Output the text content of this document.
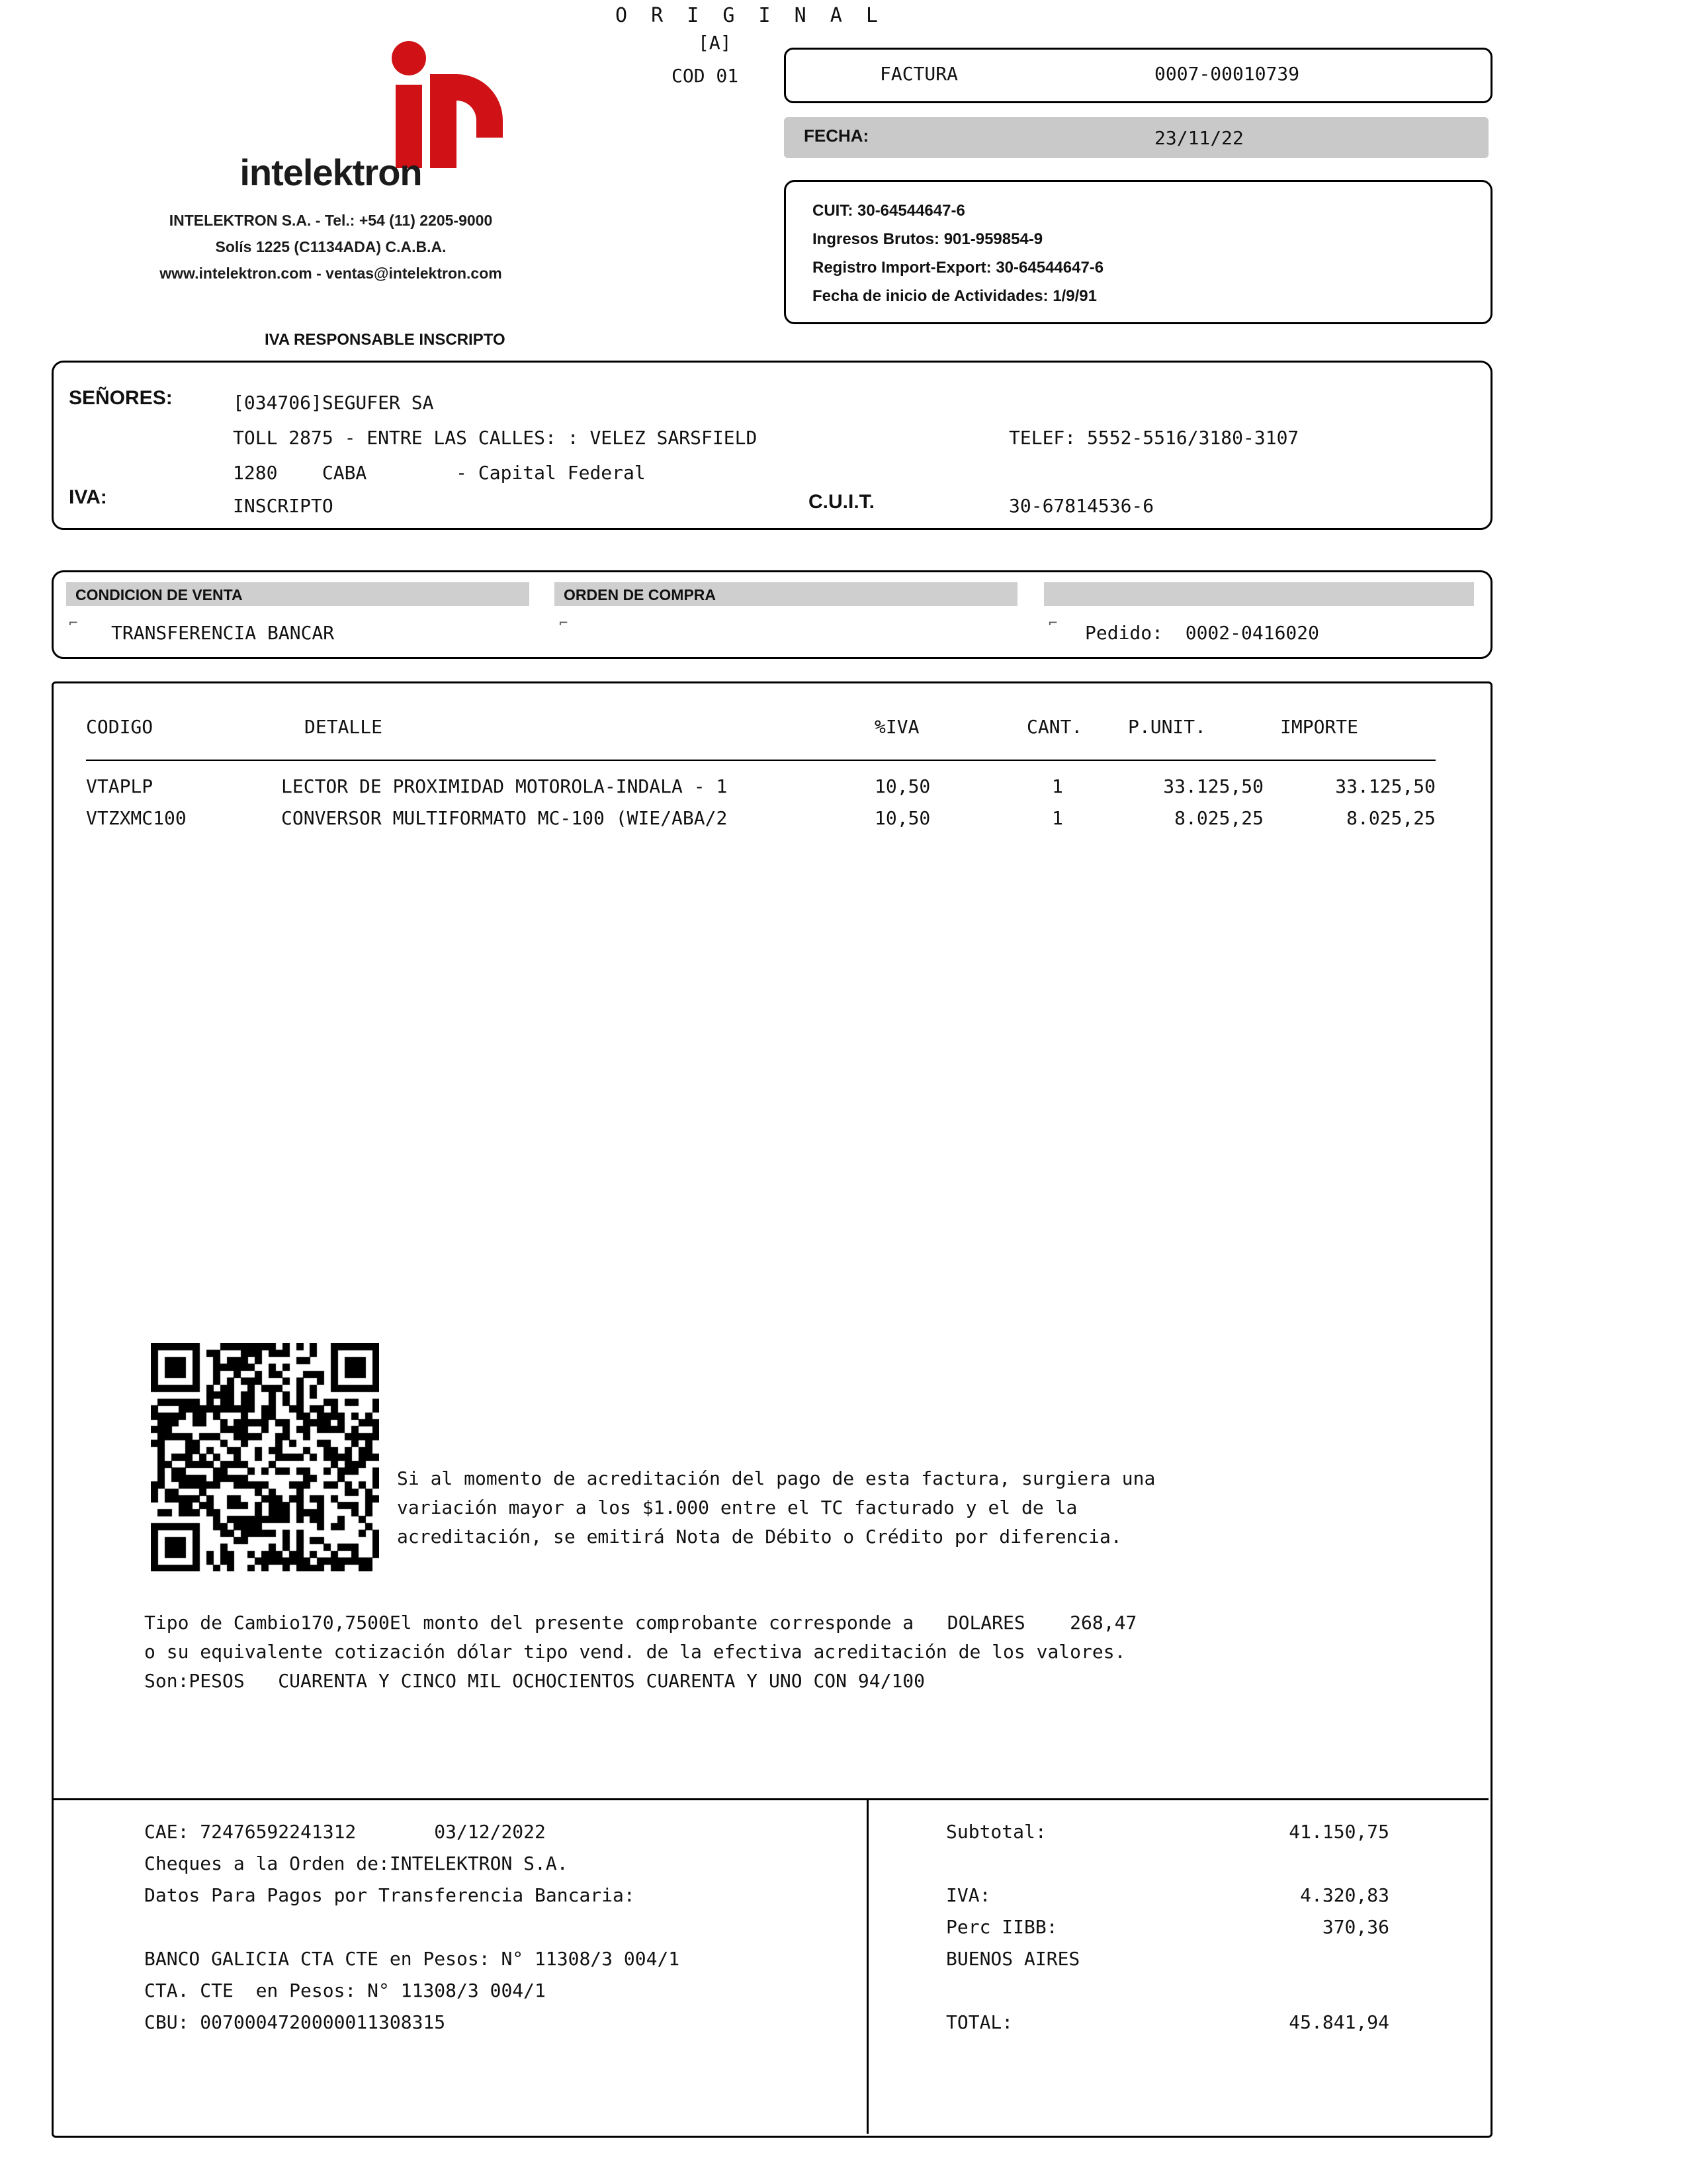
O R I G I N A L
[A]
COD 01	FACTURA	0007-00010739
FECHA:	23/11/22
CUIT: 30-64544647-6
Ingresos Brutos: 901-959854-9
Registro Import-Export: 30-64544647-6
Fecha de inicio de Actividades: 1/9/91
intelektron
INTELEKTRON S.A. - Tel.: +54 (11) 2205-9000
Solís 1225 (C1134ADA) C.A.B.A.
www.intelektron.com - ventas@intelektron.com
IVA RESPONSABLE INSCRIPTO
SEÑORES:	[034706]SEGUFER SA
TOLL 2875 - ENTRE LAS CALLES: : VELEZ SARSFIELD
1280    CABA        - Capital Federal
TELEF: 5552-5516/3180-3107
IVA:	INSCRIPTO	C.U.I.T.	30-67814536-6
CONDICION DE VENTA	ORDEN DE COMPRA
⌐	⌐	⌐
TRANSFERENCIA BANCAR	Pedido:  0002-0416020
CODIGO	DETALLE	%IVA	CANT. P.UNIT.	IMPORTE
VTAPLP	LECTOR DE PROXIMIDAD MOTOROLA-INDALA - 1	10,50	1	33.125,50	33.125,50
VTZXMC100	CONVERSOR MULTIFORMATO MC-100 (WIE/ABA/2	10,50	1	8.025,25	8.025,25
Si al momento de acreditación del pago de esta factura, surgiera una
variación mayor a los $1.000 entre el TC facturado y el de la
acreditación, se emitirá Nota de Débito o Crédito por diferencia.
Tipo de Cambio170,7500El monto del presente comprobante corresponde a   DOLARES    268,47
o su equivalente cotización dólar tipo vend. de la efectiva acreditación de los valores.
Son:PESOS   CUARENTA Y CINCO MIL OCHOCIENTOS CUARENTA Y UNO CON 94/100
CAE: 72476592241312       03/12/2022
Cheques a la Orden de:INTELEKTRON S.A.
Datos Para Pagos por Transferencia Bancaria:
BANCO GALICIA CTA CTE en Pesos: N° 11308/3 004/1
CTA. CTE  en Pesos: N° 11308/3 004/1
CBU: 0070004720000011308315
Subtotal:	41.150,75
IVA:	4.320,83
Perc IIBB:	370,36
BUENOS AIRES
TOTAL:	45.841,94
